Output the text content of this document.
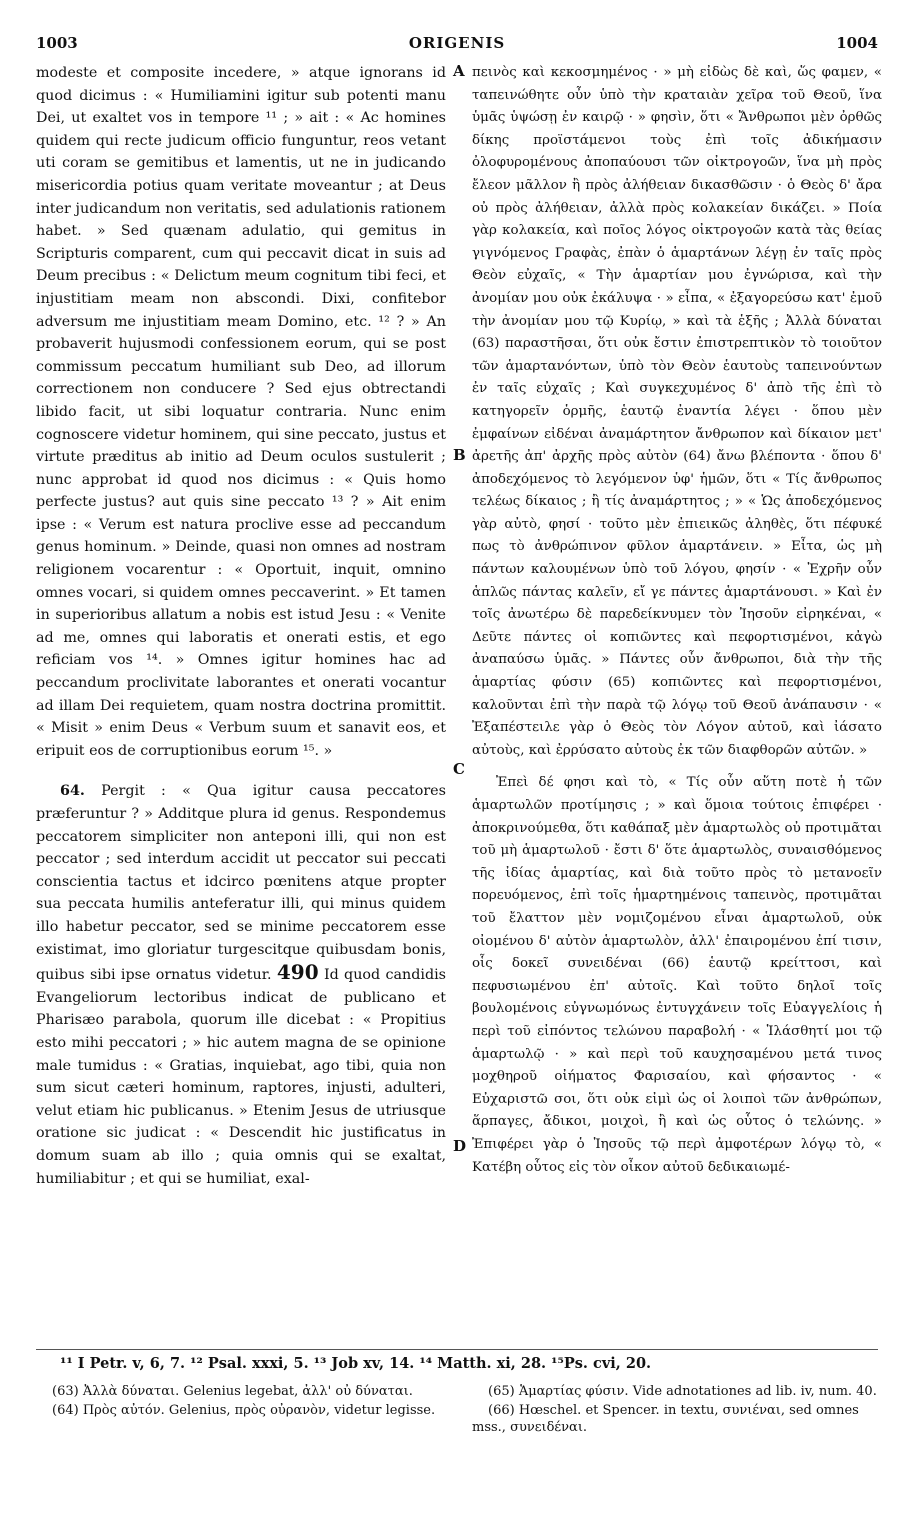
1003	ORIGENIS	1004

modeste et composite incedere, » atque ignorans id quod dicimus : « Humiliamini igitur sub potenti manu Dei, ut exaltet vos in tempore ¹¹ ; » ait : « Ac homines quidem qui recte judicum officio funguntur, reos vetant uti coram se gemitibus et lamentis, ut ne in judicando misericordia potius quam veritate moveantur ; at Deus inter judicandum non veritatis, sed adulationis rationem habet. » Sed quænam adulatio, qui gemitus in Scripturis comparent, cum qui peccavit dicat in suis ad Deum precibus : « Delictum meum cognitum tibi feci, et injustitiam meam non abscondi. Dixi, confitebor adversum me injustitiam meam Domino, etc. ¹² ? » An probaverit hujusmodi confessionem eorum, qui se post commissum peccatum humiliant sub Deo, ad illorum correctionem non conducere ? Sed ejus obtrectandi libido facit, ut sibi loquatur contraria. Nunc enim cognoscere videtur hominem, qui sine peccato, justus et virtute præditus ab initio ad Deum oculos sustulerit ; nunc approbat id quod nos dicimus : « Quis homo perfecte justus? aut quis sine peccato ¹³ ? » Ait enim ipse : « Verum est natura proclive esse ad peccandum genus hominum. » Deinde, quasi non omnes ad nostram religionem vocarentur : « Oportuit, inquit, omnino omnes vocari, si quidem omnes peccaverint. » Et tamen in superioribus allatum a nobis est istud Jesu : « Venite ad me, omnes qui laboratis et onerati estis, et ego reficiam vos ¹⁴. » Omnes igitur homines hac ad peccandum proclivitate laborantes et onerati vocantur ad illam Dei requietem, quam nostra doctrina promittit. « Misit » enim Deus « Verbum suum et sanavit eos, et eripuit eos de corruptionibus eorum ¹⁵. »

64. Pergit : « Qua igitur causa peccatores præferuntur ? » Additque plura id genus. Respondemus peccatorem simpliciter non anteponi illi, qui non est peccator ; sed interdum accidit ut peccator sui peccati conscientia tactus et idcirco pœnitens atque propter sua peccata humilis anteferatur illi, qui minus quidem illo habetur peccator, sed se minime peccatorem esse existimat, imo gloriatur turgescitque quibusdam bonis, quibus sibi ipse ornatus videtur. 490 Id quod candidis Evangeliorum lectoribus indicat de publicano et Pharisæo parabola, quorum ille dicebat : « Propitius esto mihi peccatori ; » hic autem magna de se opinione male tumidus : « Gratias, inquiebat, ago tibi, quia non sum sicut cæteri hominum, raptores, injusti, adulteri, velut etiam hic publicanus. » Etenim Jesus de utriusque oratione sic judicat : « Descendit hic justificatus in domum suam ab illo ; quia omnis qui se exaltat, humiliabitur ; et qui se humiliat, exal-

A
B
C
D

πεινὸς καὶ κεκοσμημένος · » μὴ εἰδὼς δὲ καὶ, ὥς φαμεν, « ταπεινώθητε οὖν ὑπὸ τὴν κραταιὰν χεῖρα τοῦ Θεοῦ, ἵνα ὑμᾶς ὑψώσῃ ἐν καιρῷ · » φησὶν, ὅτι « Ἄνθρωποι μὲν ὀρθῶς δίκης προϊστάμενοι τοὺς ἐπὶ τοῖς ἀδικήμασιν ὀλοφυρομένους ἀποπαύουσι τῶν οἰκτρογοῶν, ἵνα μὴ πρὸς ἔλεον μᾶλλον ἢ πρὸς ἀλήθειαν δικασθῶσιν · ὁ Θεὸς δ' ἄρα οὐ πρὸς ἀλήθειαν, ἀλλὰ πρὸς κολακείαν δικάζει. » Ποία γὰρ κολακεία, καὶ ποῖος λόγος οἰκτρογοῶν κατὰ τὰς θείας γιγνόμενος Γραφὰς, ἐπὰν ὁ ἁμαρτάνων λέγῃ ἐν ταῖς πρὸς Θεὸν εὐχαῖς, « Τὴν ἁμαρτίαν μου ἐγνώρισα, καὶ τὴν ἀνομίαν μου οὐκ ἐκάλυψα · » εἶπα, « ἐξαγορεύσω κατ' ἐμοῦ τὴν ἀνομίαν μου τῷ Κυρίῳ, » καὶ τὰ ἑξῆς ; Ἀλλὰ δύναται (63) παραστῆσαι, ὅτι οὐκ ἔστιν ἐπιστρεπτικὸν τὸ τοιοῦτον τῶν ἁμαρτανόντων, ὑπὸ τὸν Θεὸν ἑαυτοὺς ταπεινούντων ἐν ταῖς εὐχαῖς ; Καὶ συγκεχυμένος δ' ἀπὸ τῆς ἐπὶ τὸ κατηγορεῖν ὁρμῆς, ἑαυτῷ ἐναντία λέγει · ὅπου μὲν ἐμφαίνων εἰδέναι ἀναμάρτητον ἄνθρωπον καὶ δίκαιον μετ' ἀρετῆς ἀπ' ἀρχῆς πρὸς αὐτὸν (64) ἄνω βλέποντα · ὅπου δ' ἀποδεχόμενος τὸ λεγόμενον ὑφ' ἡμῶν, ὅτι « Τίς ἄνθρωπος τελέως δίκαιος ; ἢ τίς ἀναμάρτητος ; » « Ὡς ἀποδεχόμενος γὰρ αὐτὸ, φησί · τοῦτο μὲν ἐπιεικῶς ἀληθὲς, ὅτι πέφυκέ πως τὸ ἀνθρώπινον φῦλον ἁμαρτάνειν. » Εἶτα, ὡς μὴ πάντων καλουμένων ὑπὸ τοῦ λόγου, φησίν · « Ἐχρῆν οὖν ἁπλῶς πάντας καλεῖν, εἴ γε πάντες ἁμαρτάνουσι. » Καὶ ἐν τοῖς ἀνωτέρω δὲ παρεδείκνυμεν τὸν Ἰησοῦν εἰρηκέναι, « Δεῦτε πάντες οἱ κοπιῶντες καὶ πεφορτισμένοι, κἀγὼ ἀναπαύσω ὑμᾶς. » Πάντες οὖν ἄνθρωποι, διὰ τὴν τῆς ἁμαρτίας φύσιν (65) κοπιῶντες καὶ πεφορτισμένοι, καλοῦνται ἐπὶ τὴν παρὰ τῷ λόγῳ τοῦ Θεοῦ ἀνάπαυσιν · « Ἐξαπέστειλε γὰρ ὁ Θεὸς τὸν Λόγον αὐτοῦ, καὶ ἰάσατο αὐτοὺς, καὶ ἐρρύσατο αὐτοὺς ἐκ τῶν διαφθορῶν αὐτῶν. »

Ἐπεὶ δέ φησι καὶ τὸ, « Τίς οὖν αὕτη ποτὲ ἡ τῶν ἁμαρτωλῶν προτίμησις ; » καὶ ὅμοια τούτοις ἐπιφέρει · ἀποκρινούμεθα, ὅτι καθάπαξ μὲν ἁμαρτωλὸς οὐ προτιμᾶται τοῦ μὴ ἁμαρτωλοῦ · ἔστι δ' ὅτε ἁμαρτωλὸς, συναισθόμενος τῆς ἰδίας ἁμαρτίας, καὶ διὰ τοῦτο πρὸς τὸ μετανοεῖν πορευόμενος, ἐπὶ τοῖς ἡμαρτημένοις ταπεινὸς, προτιμᾶται τοῦ ἔλαττον μὲν νομιζομένου εἶναι ἁμαρτωλοῦ, οὐκ οἰομένου δ' αὐτὸν ἁμαρτωλὸν, ἀλλ' ἐπαιρομένου ἐπί τισιν, οἷς δοκεῖ συνειδέναι (66) ἑαυτῷ κρείττοσι, καὶ πεφυσιωμένου ἐπ' αὐτοῖς. Καὶ τοῦτο δηλοῖ τοῖς βουλομένοις εὐγνωμόνως ἐντυγχάνειν τοῖς Εὐαγγελίοις ἡ περὶ τοῦ εἰπόντος τελώνου παραβολή · « Ἱλάσθητί μοι τῷ ἁμαρτωλῷ · » καὶ περὶ τοῦ καυχησαμένου μετά τινος μοχθηροῦ οἰήματος Φαρισαίου, καὶ φήσαντος · « Εὐχαριστῶ σοι, ὅτι οὐκ εἰμὶ ὡς οἱ λοιποὶ τῶν ἀνθρώπων, ἅρπαγες, ἄδικοι, μοιχοὶ, ἢ καὶ ὡς οὗτος ὁ τελώνης. » Ἐπιφέρει γὰρ ὁ Ἰησοῦς τῷ περὶ ἀμφοτέρων λόγῳ τὸ, « Κατέβη οὗτος εἰς τὸν οἶκον αὐτοῦ δεδικαιωμέ-

¹¹ I Petr. v, 6, 7. ¹² Psal. xxxi, 5. ¹³ Job xv, 14. ¹⁴ Matth. xi, 28. ¹⁵Ps. cvi, 20.

(63) Ἀλλὰ δύναται. Gelenius legebat, ἀλλ' οὐ δύναται.

(64) Πρὸς αὐτόν. Gelenius, πρὸς οὐρανὸν, videtur legisse.

(65) Ἁμαρτίας φύσιν. Vide adnotationes ad lib. iv, num. 40.

(66) Hœschel. et Spencer. in textu, συνιέναι, sed omnes mss., συνειδέναι.
